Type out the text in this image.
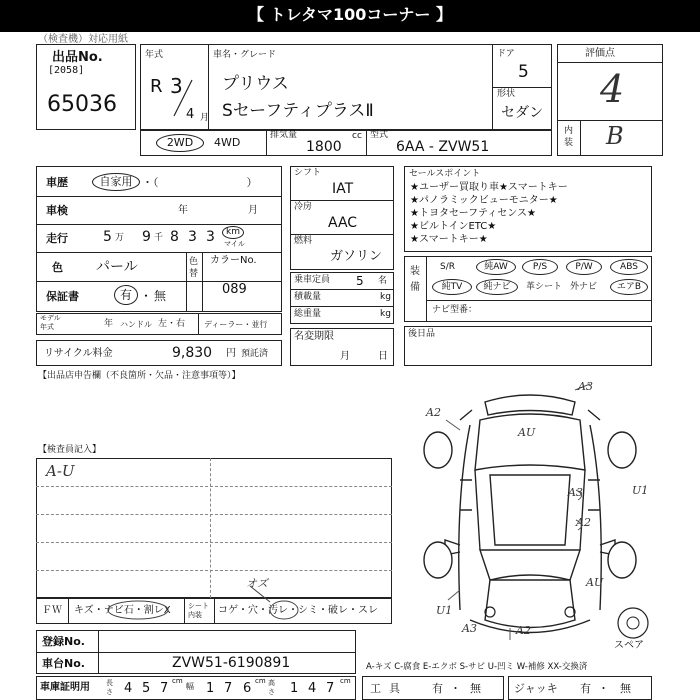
【 トレタマ100コーナー 】
（検査機）対応用紙
出品No.
[2058]
65036
年式
R 3
4 月
車名・グレード
プリウス
SセーフティプラスⅡ
ドア
5
形状
セダン
評価点
4
内装 B
2WD	4WD
排気量
1800
cc 型式
6AA - ZVW51
車歴	自家用 ・（　　　　　　　　）
車検	年	月
走行	5 万 9 千 8 3 3	km
マイル
色 パール	色替
カラーNo.
089
保証書	有 ・ 無
モデル
年式	年 ハンドル 左・右 ディーラー・並行
リサイクル料金	9,830 円 預託済
シフト
IAT
冷房
AAC
燃料
ガソリン
乗車定員 5 名
積載量	kg
総重量	kg
名変期限
月	日
セールスポイント
★ユーザー買取り車★スマートキー
★パノラミックビューモニター★
★トヨタセーフティセンス★
★ビルトインETC★
★スマートキー★
装備
S/R	純AW	P/S	P/W	ABS
純TV	純ナビ	革シート 外ナビ	エアB
ナビ型番：
後日品
【出品店申告欄（不良箇所・欠品・注意事項等）】
【検査員記入】
A-U
ＦＷ キズ・ナビ石・割レX シート内装	コゲ・穴・汚レ・シミ・破レ・スレ
オズ
登録No.
車台No.	ZVW51-6190891	A-キズ C-腐食 E-エクボ S-サビ U-凹ミ W-補修 XX-交換済
車庫証明用 長さ 4 5 7 cm
幅 1 7 6 cm 高さ 1 4 7 cm
工具 有 ・ 無	ジャッキ 有 ・ 無
スペア
A3
A2
AU
A3	U1
A2
U1
AU
A3	A2
